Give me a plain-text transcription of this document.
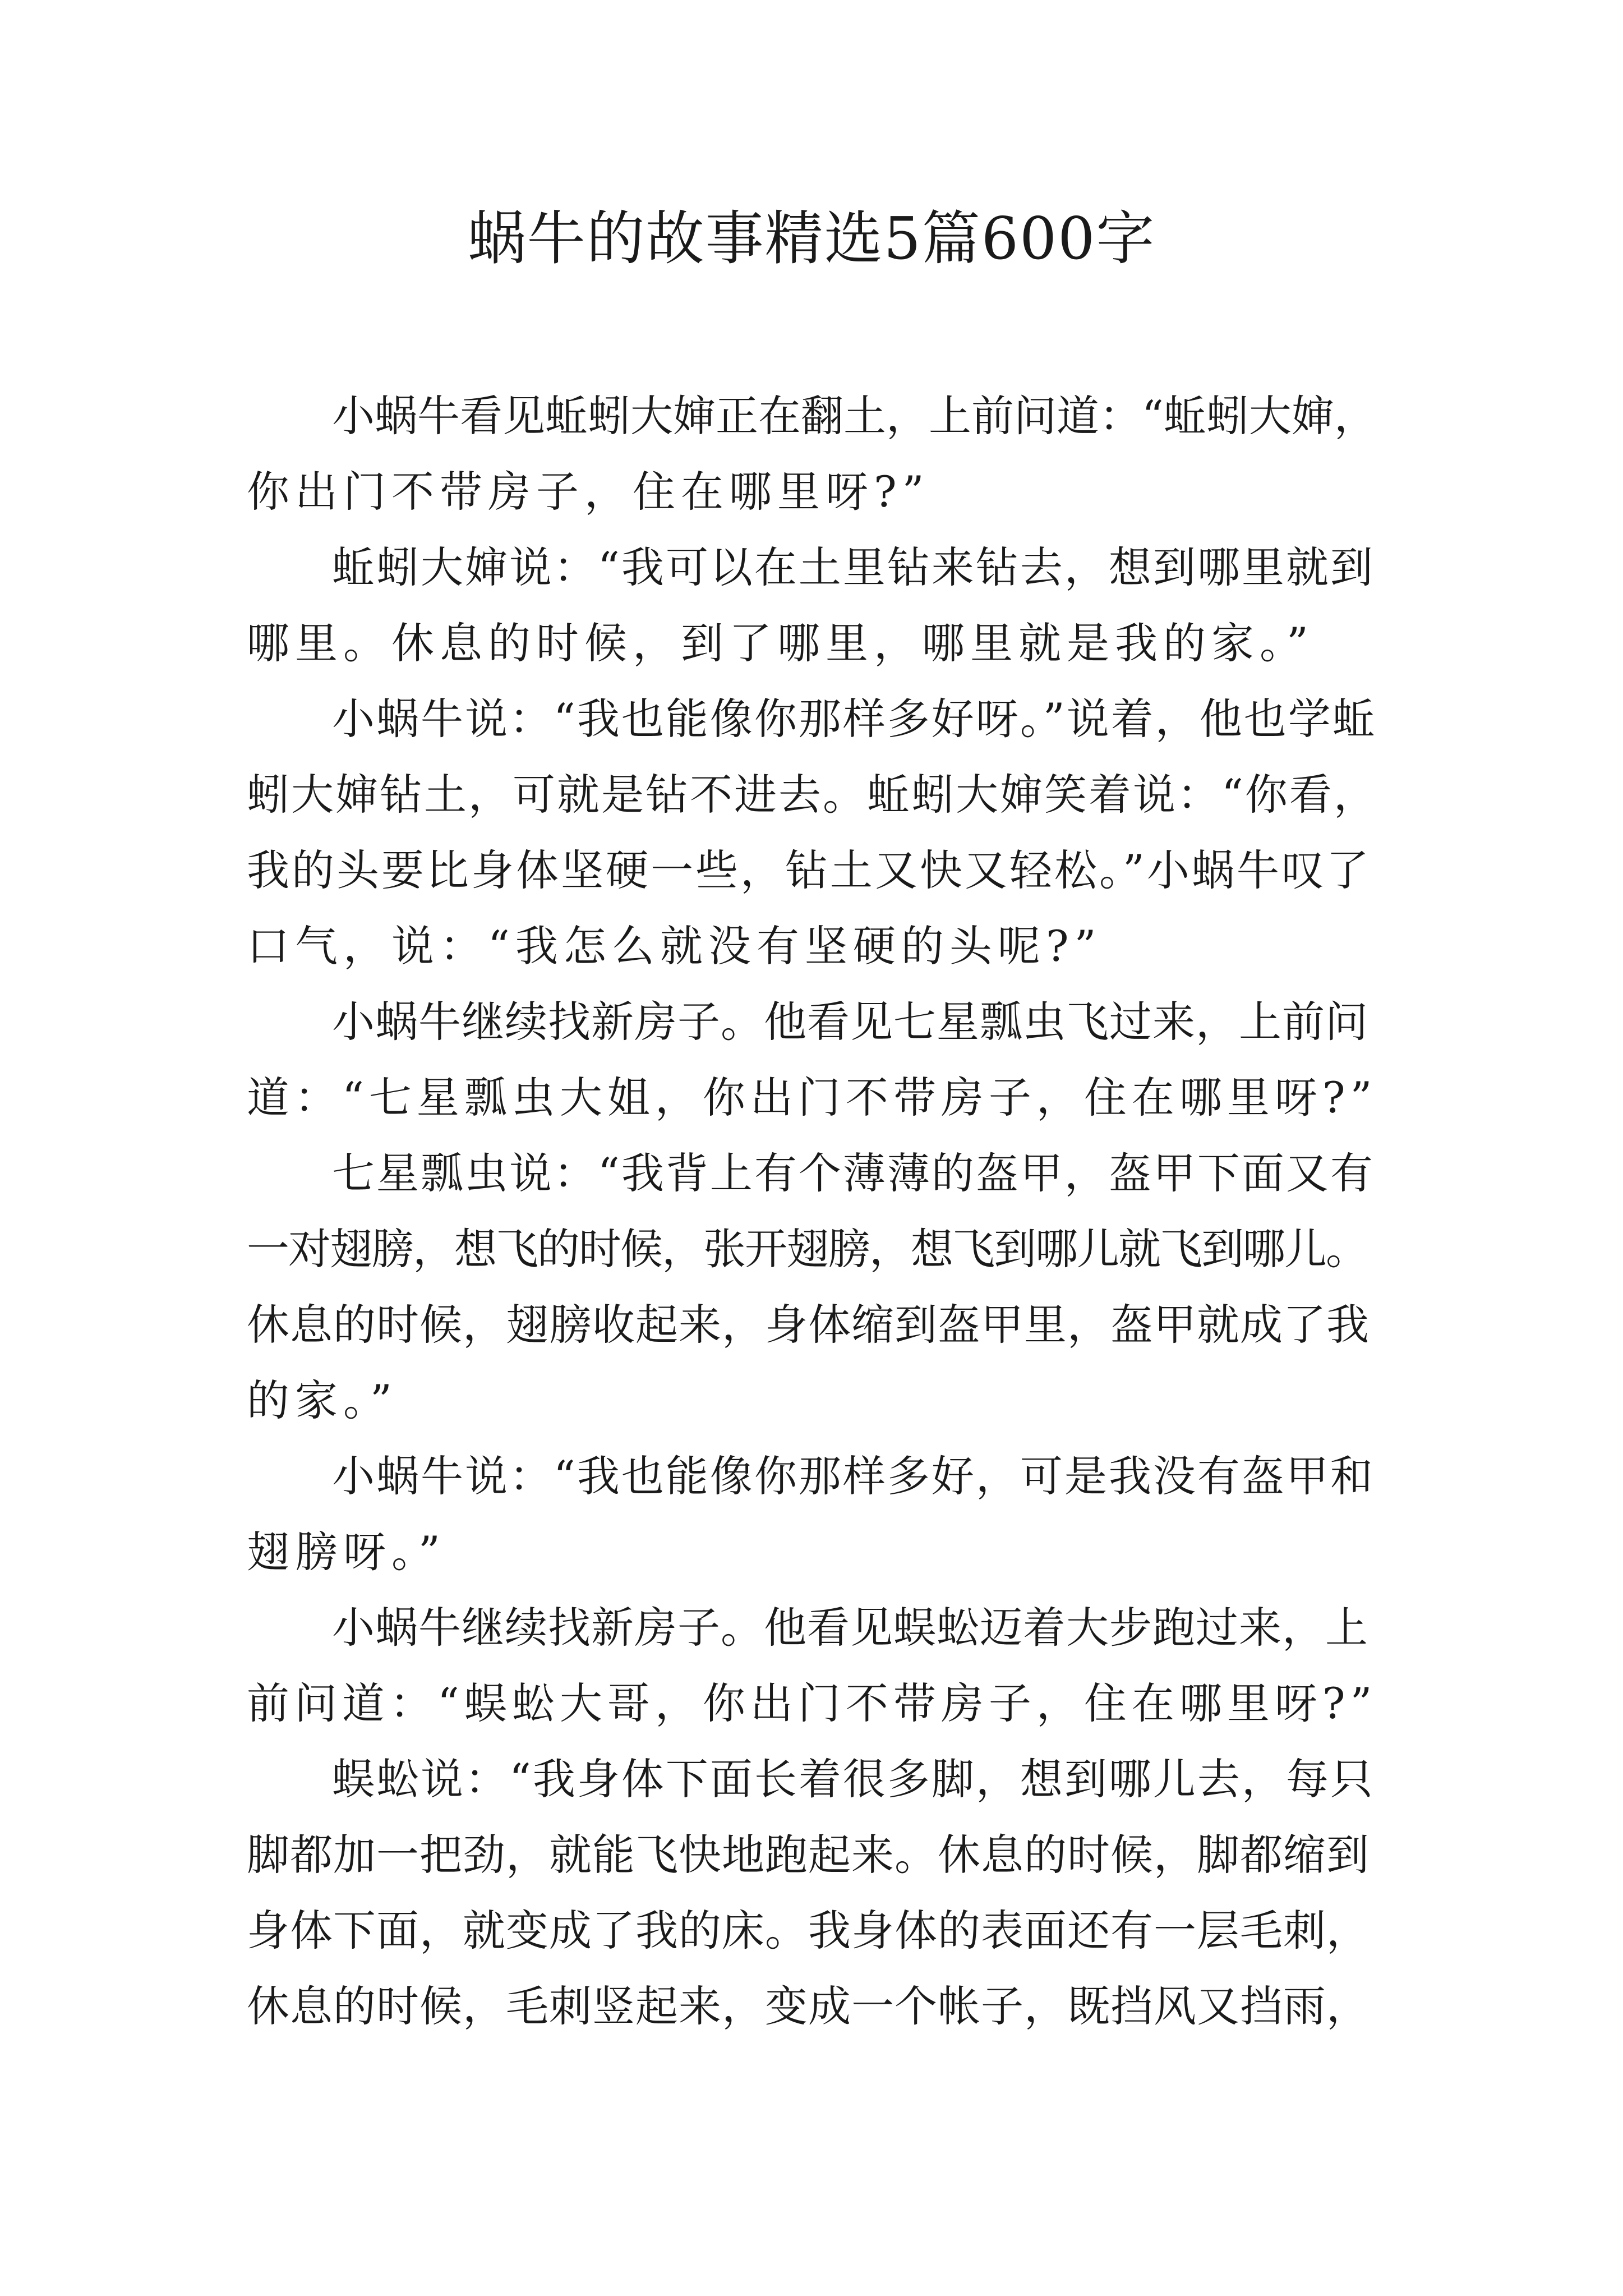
蜗牛的故事精选5篇600字

小蜗牛看见蚯蚓大婶正在翻土，上前问道：“蚯蚓大婶，

你出门不带房子，住在哪里呀?”

蚯蚓大婶说：“我可以在土里钻来钻去，想到哪里就到

哪里。休息的时候，到了哪里，哪里就是我的家。”

小蜗牛说：“我也能像你那样多好呀。”说着，他也学蚯

蚓大婶钻土，可就是钻不进去。蚯蚓大婶笑着说：“你看，

我的头要比身体坚硬一些，钻土又快又轻松。”小蜗牛叹了

口气，说：“我怎么就没有坚硬的头呢?”

小蜗牛继续找新房子。他看见七星瓢虫飞过来，上前问

道：“七星瓢虫大姐，你出门不带房子，住在哪里呀?”

七星瓢虫说：“我背上有个薄薄的盔甲，盔甲下面又有

一对翅膀，想飞的时候，张开翅膀，想飞到哪儿就飞到哪儿。

休息的时候，翅膀收起来，身体缩到盔甲里，盔甲就成了我

的家。”

小蜗牛说：“我也能像你那样多好，可是我没有盔甲和

翅膀呀。”

小蜗牛继续找新房子。他看见蜈蚣迈着大步跑过来，上

前问道：“蜈蚣大哥，你出门不带房子，住在哪里呀?”

蜈蚣说：“我身体下面长着很多脚，想到哪儿去，每只

脚都加一把劲，就能飞快地跑起来。休息的时候，脚都缩到

身体下面，就变成了我的床。我身体的表面还有一层毛刺，

休息的时候，毛刺竖起来，变成一个帐子，既挡风又挡雨，
